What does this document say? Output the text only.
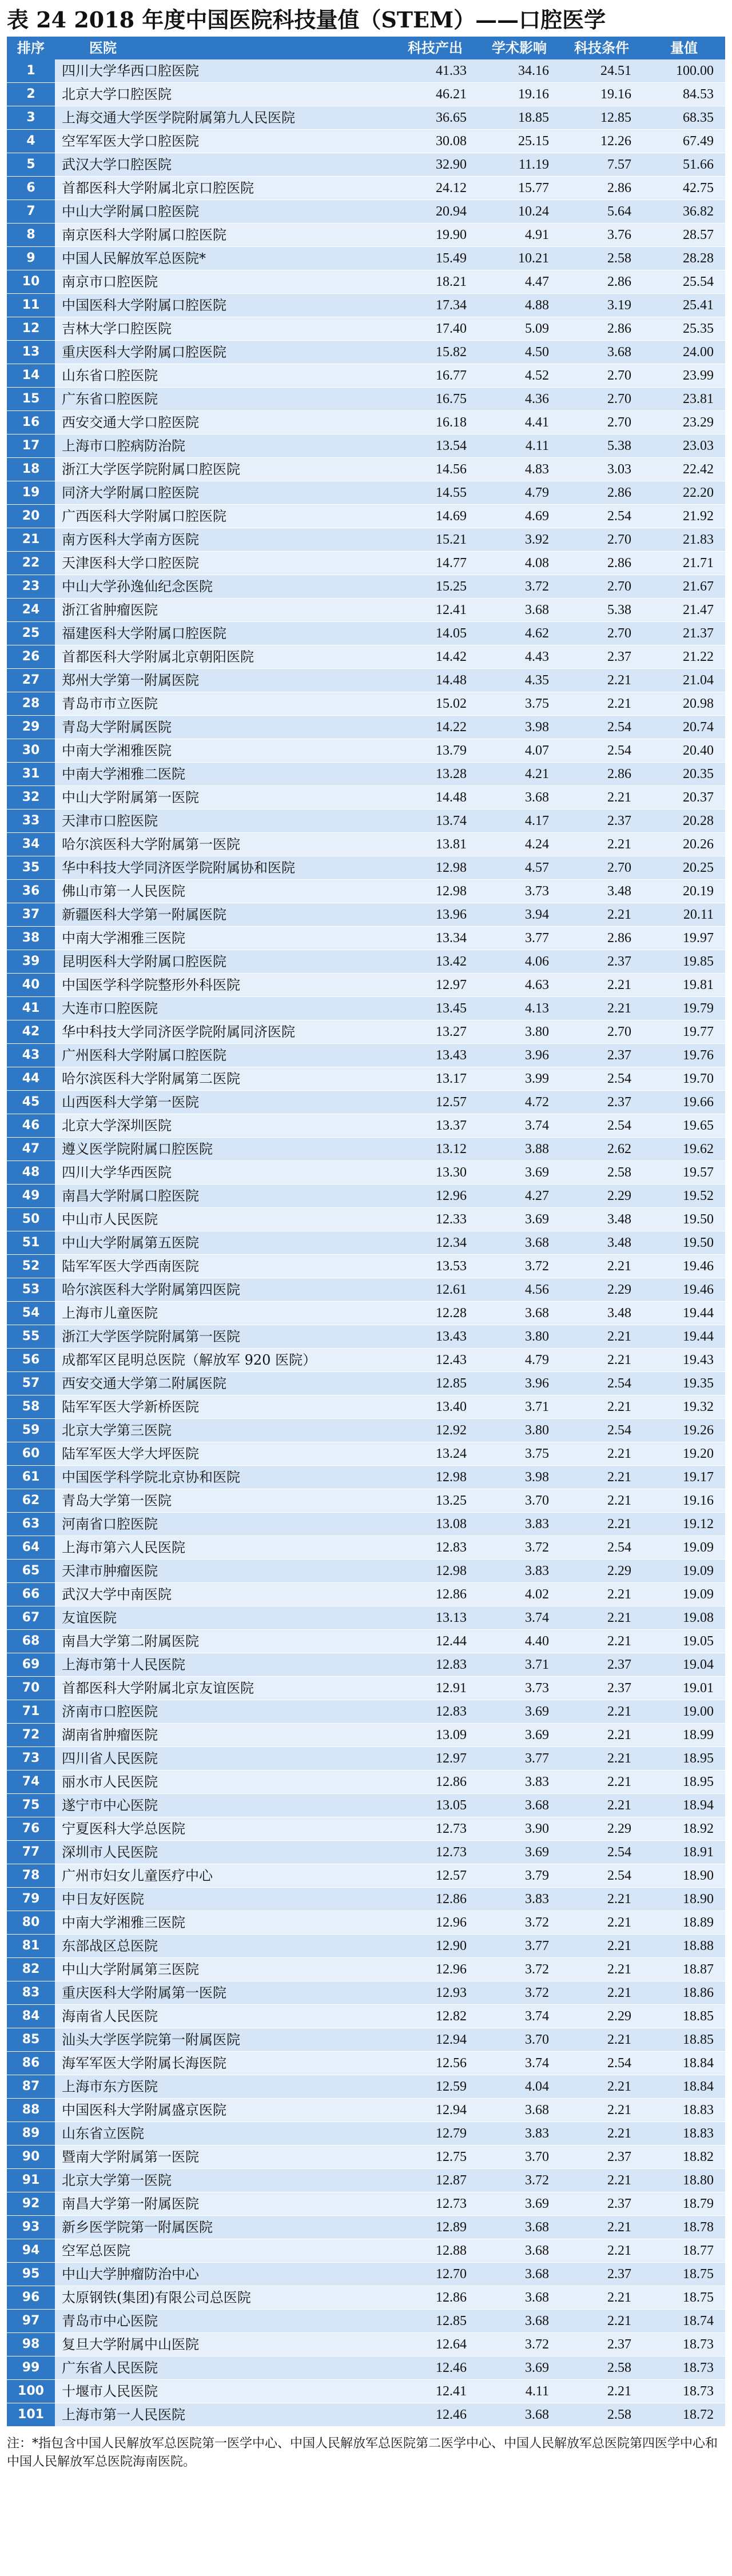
表 24 2018 年度中国医院科技量值（STEM）——口腔医学
排序	医院	科技产出	学术影响	科技条件	量值
1	四川大学华西口腔医院	41.33	34.16	24.51	100.00
2	北京大学口腔医院	46.21	19.16	19.16	84.53
3	上海交通大学医学院附属第九人民医院	36.65	18.85	12.85	68.35
4	空军军医大学口腔医院	30.08	25.15	12.26	67.49
5	武汉大学口腔医院	32.90	11.19	7.57	51.66
6	首都医科大学附属北京口腔医院	24.12	15.77	2.86	42.75
7	中山大学附属口腔医院	20.94	10.24	5.64	36.82
8	南京医科大学附属口腔医院	19.90	4.91	3.76	28.57
9	中国人民解放军总医院*	15.49	10.21	2.58	28.28
10	南京市口腔医院	18.21	4.47	2.86	25.54
11	中国医科大学附属口腔医院	17.34	4.88	3.19	25.41
12	吉林大学口腔医院	17.40	5.09	2.86	25.35
13	重庆医科大学附属口腔医院	15.82	4.50	3.68	24.00
14	山东省口腔医院	16.77	4.52	2.70	23.99
15	广东省口腔医院	16.75	4.36	2.70	23.81
16	西安交通大学口腔医院	16.18	4.41	2.70	23.29
17	上海市口腔病防治院	13.54	4.11	5.38	23.03
18	浙江大学医学院附属口腔医院	14.56	4.83	3.03	22.42
19	同济大学附属口腔医院	14.55	4.79	2.86	22.20
20	广西医科大学附属口腔医院	14.69	4.69	2.54	21.92
21	南方医科大学南方医院	15.21	3.92	2.70	21.83
22	天津医科大学口腔医院	14.77	4.08	2.86	21.71
23	中山大学孙逸仙纪念医院	15.25	3.72	2.70	21.67
24	浙江省肿瘤医院	12.41	3.68	5.38	21.47
25	福建医科大学附属口腔医院	14.05	4.62	2.70	21.37
26	首都医科大学附属北京朝阳医院	14.42	4.43	2.37	21.22
27	郑州大学第一附属医院	14.48	4.35	2.21	21.04
28	青岛市市立医院	15.02	3.75	2.21	20.98
29	青岛大学附属医院	14.22	3.98	2.54	20.74
30	中南大学湘雅医院	13.79	4.07	2.54	20.40
31	中南大学湘雅二医院	13.28	4.21	2.86	20.35
32	中山大学附属第一医院	14.48	3.68	2.21	20.37
33	天津市口腔医院	13.74	4.17	2.37	20.28
34	哈尔滨医科大学附属第一医院	13.81	4.24	2.21	20.26
35	华中科技大学同济医学院附属协和医院	12.98	4.57	2.70	20.25
36	佛山市第一人民医院	12.98	3.73	3.48	20.19
37	新疆医科大学第一附属医院	13.96	3.94	2.21	20.11
38	中南大学湘雅三医院	13.34	3.77	2.86	19.97
39	昆明医科大学附属口腔医院	13.42	4.06	2.37	19.85
40	中国医学科学院整形外科医院	12.97	4.63	2.21	19.81
41	大连市口腔医院	13.45	4.13	2.21	19.79
42	华中科技大学同济医学院附属同济医院	13.27	3.80	2.70	19.77
43	广州医科大学附属口腔医院	13.43	3.96	2.37	19.76
44	哈尔滨医科大学附属第二医院	13.17	3.99	2.54	19.70
45	山西医科大学第一医院	12.57	4.72	2.37	19.66
46	北京大学深圳医院	13.37	3.74	2.54	19.65
47	遵义医学院附属口腔医院	13.12	3.88	2.62	19.62
48	四川大学华西医院	13.30	3.69	2.58	19.57
49	南昌大学附属口腔医院	12.96	4.27	2.29	19.52
50	中山市人民医院	12.33	3.69	3.48	19.50
51	中山大学附属第五医院	12.34	3.68	3.48	19.50
52	陆军军医大学西南医院	13.53	3.72	2.21	19.46
53	哈尔滨医科大学附属第四医院	12.61	4.56	2.29	19.46
54	上海市儿童医院	12.28	3.68	3.48	19.44
55	浙江大学医学院附属第一医院	13.43	3.80	2.21	19.44
56	成都军区昆明总医院（解放军 920 医院）	12.43	4.79	2.21	19.43
57	西安交通大学第二附属医院	12.85	3.96	2.54	19.35
58	陆军军医大学新桥医院	13.40	3.71	2.21	19.32
59	北京大学第三医院	12.92	3.80	2.54	19.26
60	陆军军医大学大坪医院	13.24	3.75	2.21	19.20
61	中国医学科学院北京协和医院	12.98	3.98	2.21	19.17
62	青岛大学第一医院	13.25	3.70	2.21	19.16
63	河南省口腔医院	13.08	3.83	2.21	19.12
64	上海市第六人民医院	12.83	3.72	2.54	19.09
65	天津市肿瘤医院	12.98	3.83	2.29	19.09
66	武汉大学中南医院	12.86	4.02	2.21	19.09
67	友谊医院	13.13	3.74	2.21	19.08
68	南昌大学第二附属医院	12.44	4.40	2.21	19.05
69	上海市第十人民医院	12.83	3.71	2.37	19.04
70	首都医科大学附属北京友谊医院	12.91	3.73	2.37	19.01
71	济南市口腔医院	12.83	3.69	2.21	19.00
72	湖南省肿瘤医院	13.09	3.69	2.21	18.99
73	四川省人民医院	12.97	3.77	2.21	18.95
74	丽水市人民医院	12.86	3.83	2.21	18.95
75	遂宁市中心医院	13.05	3.68	2.21	18.94
76	宁夏医科大学总医院	12.73	3.90	2.29	18.92
77	深圳市人民医院	12.73	3.69	2.54	18.91
78	广州市妇女儿童医疗中心	12.57	3.79	2.54	18.90
79	中日友好医院	12.86	3.83	2.21	18.90
80	中南大学湘雅三医院	12.96	3.72	2.21	18.89
81	东部战区总医院	12.90	3.77	2.21	18.88
82	中山大学附属第三医院	12.96	3.72	2.21	18.87
83	重庆医科大学附属第一医院	12.93	3.72	2.21	18.86
84	海南省人民医院	12.82	3.74	2.29	18.85
85	汕头大学医学院第一附属医院	12.94	3.70	2.21	18.85
86	海军军医大学附属长海医院	12.56	3.74	2.54	18.84
87	上海市东方医院	12.59	4.04	2.21	18.84
88	中国医科大学附属盛京医院	12.94	3.68	2.21	18.83
89	山东省立医院	12.79	3.83	2.21	18.83
90	暨南大学附属第一医院	12.75	3.70	2.37	18.82
91	北京大学第一医院	12.87	3.72	2.21	18.80
92	南昌大学第一附属医院	12.73	3.69	2.37	18.79
93	新乡医学院第一附属医院	12.89	3.68	2.21	18.78
94	空军总医院	12.88	3.68	2.21	18.77
95	中山大学肿瘤防治中心	12.70	3.68	2.37	18.75
96	太原钢铁(集团)有限公司总医院	12.86	3.68	2.21	18.75
97	青岛市中心医院	12.85	3.68	2.21	18.74
98	复旦大学附属中山医院	12.64	3.72	2.37	18.73
99	广东省人民医院	12.46	3.69	2.58	18.73
100	十堰市人民医院	12.41	4.11	2.21	18.73
101	上海市第一人民医院	12.46	3.68	2.58	18.72
注：*指包含中国人民解放军总医院第一医学中心、中国人民解放军总医院第二医学中心、中国人民解放军总医院第四医学中心和中国人民解放军总医院海南医院。
